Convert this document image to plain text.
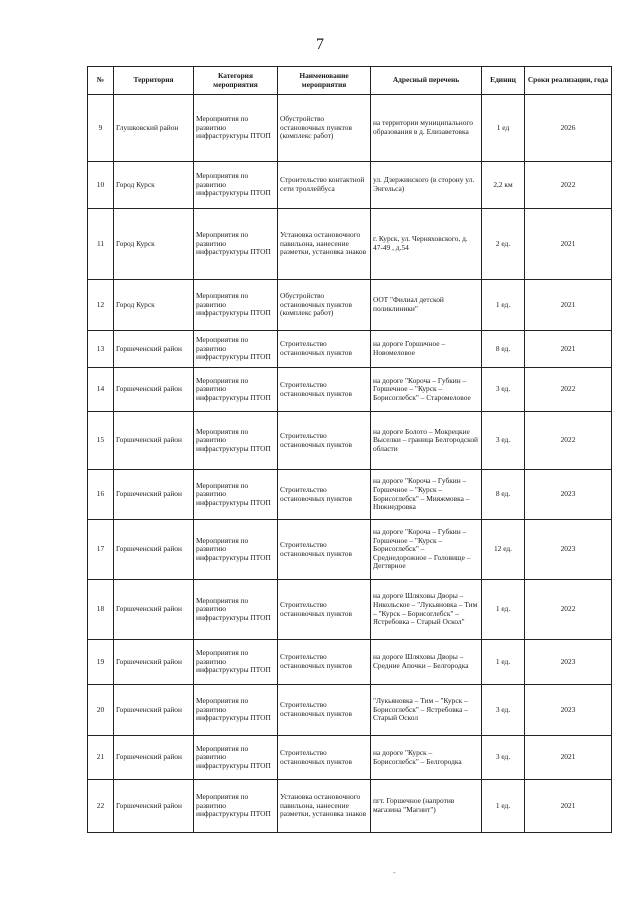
7
№	Территория	Категория мероприятия	Наименование мероприятия	Адресный перечень	Единиц	Сроки реализации, года
9	Глушковский район	Мероприятия по развитию инфраструктуры ПТОП	Обустройство остановочных пунктов (комплекс работ)	на территории муниципального образования в д. Елизаветовка	1 ед	2026
10	Город Курск	Мероприятия по развитию инфраструктуры ПТОП	Строительство контактной сети троллейбуса	ул. Дзержинского (в сторону ул. Энгельса)	2,2 км	2022
11	Город Курск	Мероприятия по развитию инфраструктуры ПТОП	Установка остановочного павильона, нанесение разметки, установка знаков	г. Курск, ул. Черняховского, д. 47-49 , д.54	2 ед.	2021
12	Город Курск	Мероприятия по развитию инфраструктуры ПТОП	Обустройство остановочных пунктов (комплекс работ)	ООТ "Филиал детской поликлиники"	1 ед.	2021
13	Горшеченский район	Мероприятия по развитию инфраструктуры ПТОП	Строительство остановочных пунктов	на дороге Горшечное – Новомеловое	8 ед.	2021
14	Горшеченский район	Мероприятия по развитию инфраструктуры ПТОП	Строительство остановочных пунктов	на дороге "Короча – Губкин – Горшечное – "Курск – Борисоглебск" – Старомеловое	3 ед.	2022
15	Горшеченский район	Мероприятия по развитию инфраструктуры ПТОП	Строительство остановочных пунктов	на дороге Болото – Мокрецкие Выселки – граница Белгородской области	3 ед.	2022
16	Горшеченский район	Мероприятия по развитию инфраструктуры ПТОП	Строительство остановочных пунктов	на дороге "Короча – Губкин – Горшечное – "Курск – Борисоглебск" – Мияжмовка – Нижнедровка	8 ед.	2023
17	Горшеченский район	Мероприятия по развитию инфраструктуры ПТОП	Строительство остановочных пунктов	на дороге "Короча – Губкин – Горшечное – "Курск – Борисоглебск" – Среднедорожное – Головище – Дегтярное	12 ед.	2023
18	Горшеченский район	Мероприятия по развитию инфраструктуры ПТОП	Строительство остановочных пунктов	на дороге Шляховы Дворы – Никольское – "Лукьяновка – Тим – "Курск – Борисоглебск" – Ястребовка – Старый Оскол"	1 ед.	2022
19	Горшеченский район	Мероприятия по развитию инфраструктуры ПТОП	Строительство остановочных пунктов	на дороге Шляховы Дворы – Средние Апочки – Белгородка	1 ед.	2023
20	Горшеченский район	Мероприятия по развитию инфраструктуры ПТОП	Строительство остановочных пунктов	"Лукьяновка – Тим – "Курск – Борисоглебск" – Ястребовка – Старый Оскол	3 ед.	2023
21	Горшеченский район	Мероприятия по развитию инфраструктуры ПТОП	Строительство остановочных пунктов	на дороге "Курск – Борисоглебск" – Белгородка	3 ед.	2021
22	Горшеченский район	Мероприятия по развитию инфраструктуры ПТОП	Установка остановочного павильона, нанесение разметки, установка знаков	пгт. Горшечное (напротив магазина "Магнит")	1 ед.	2021
-
